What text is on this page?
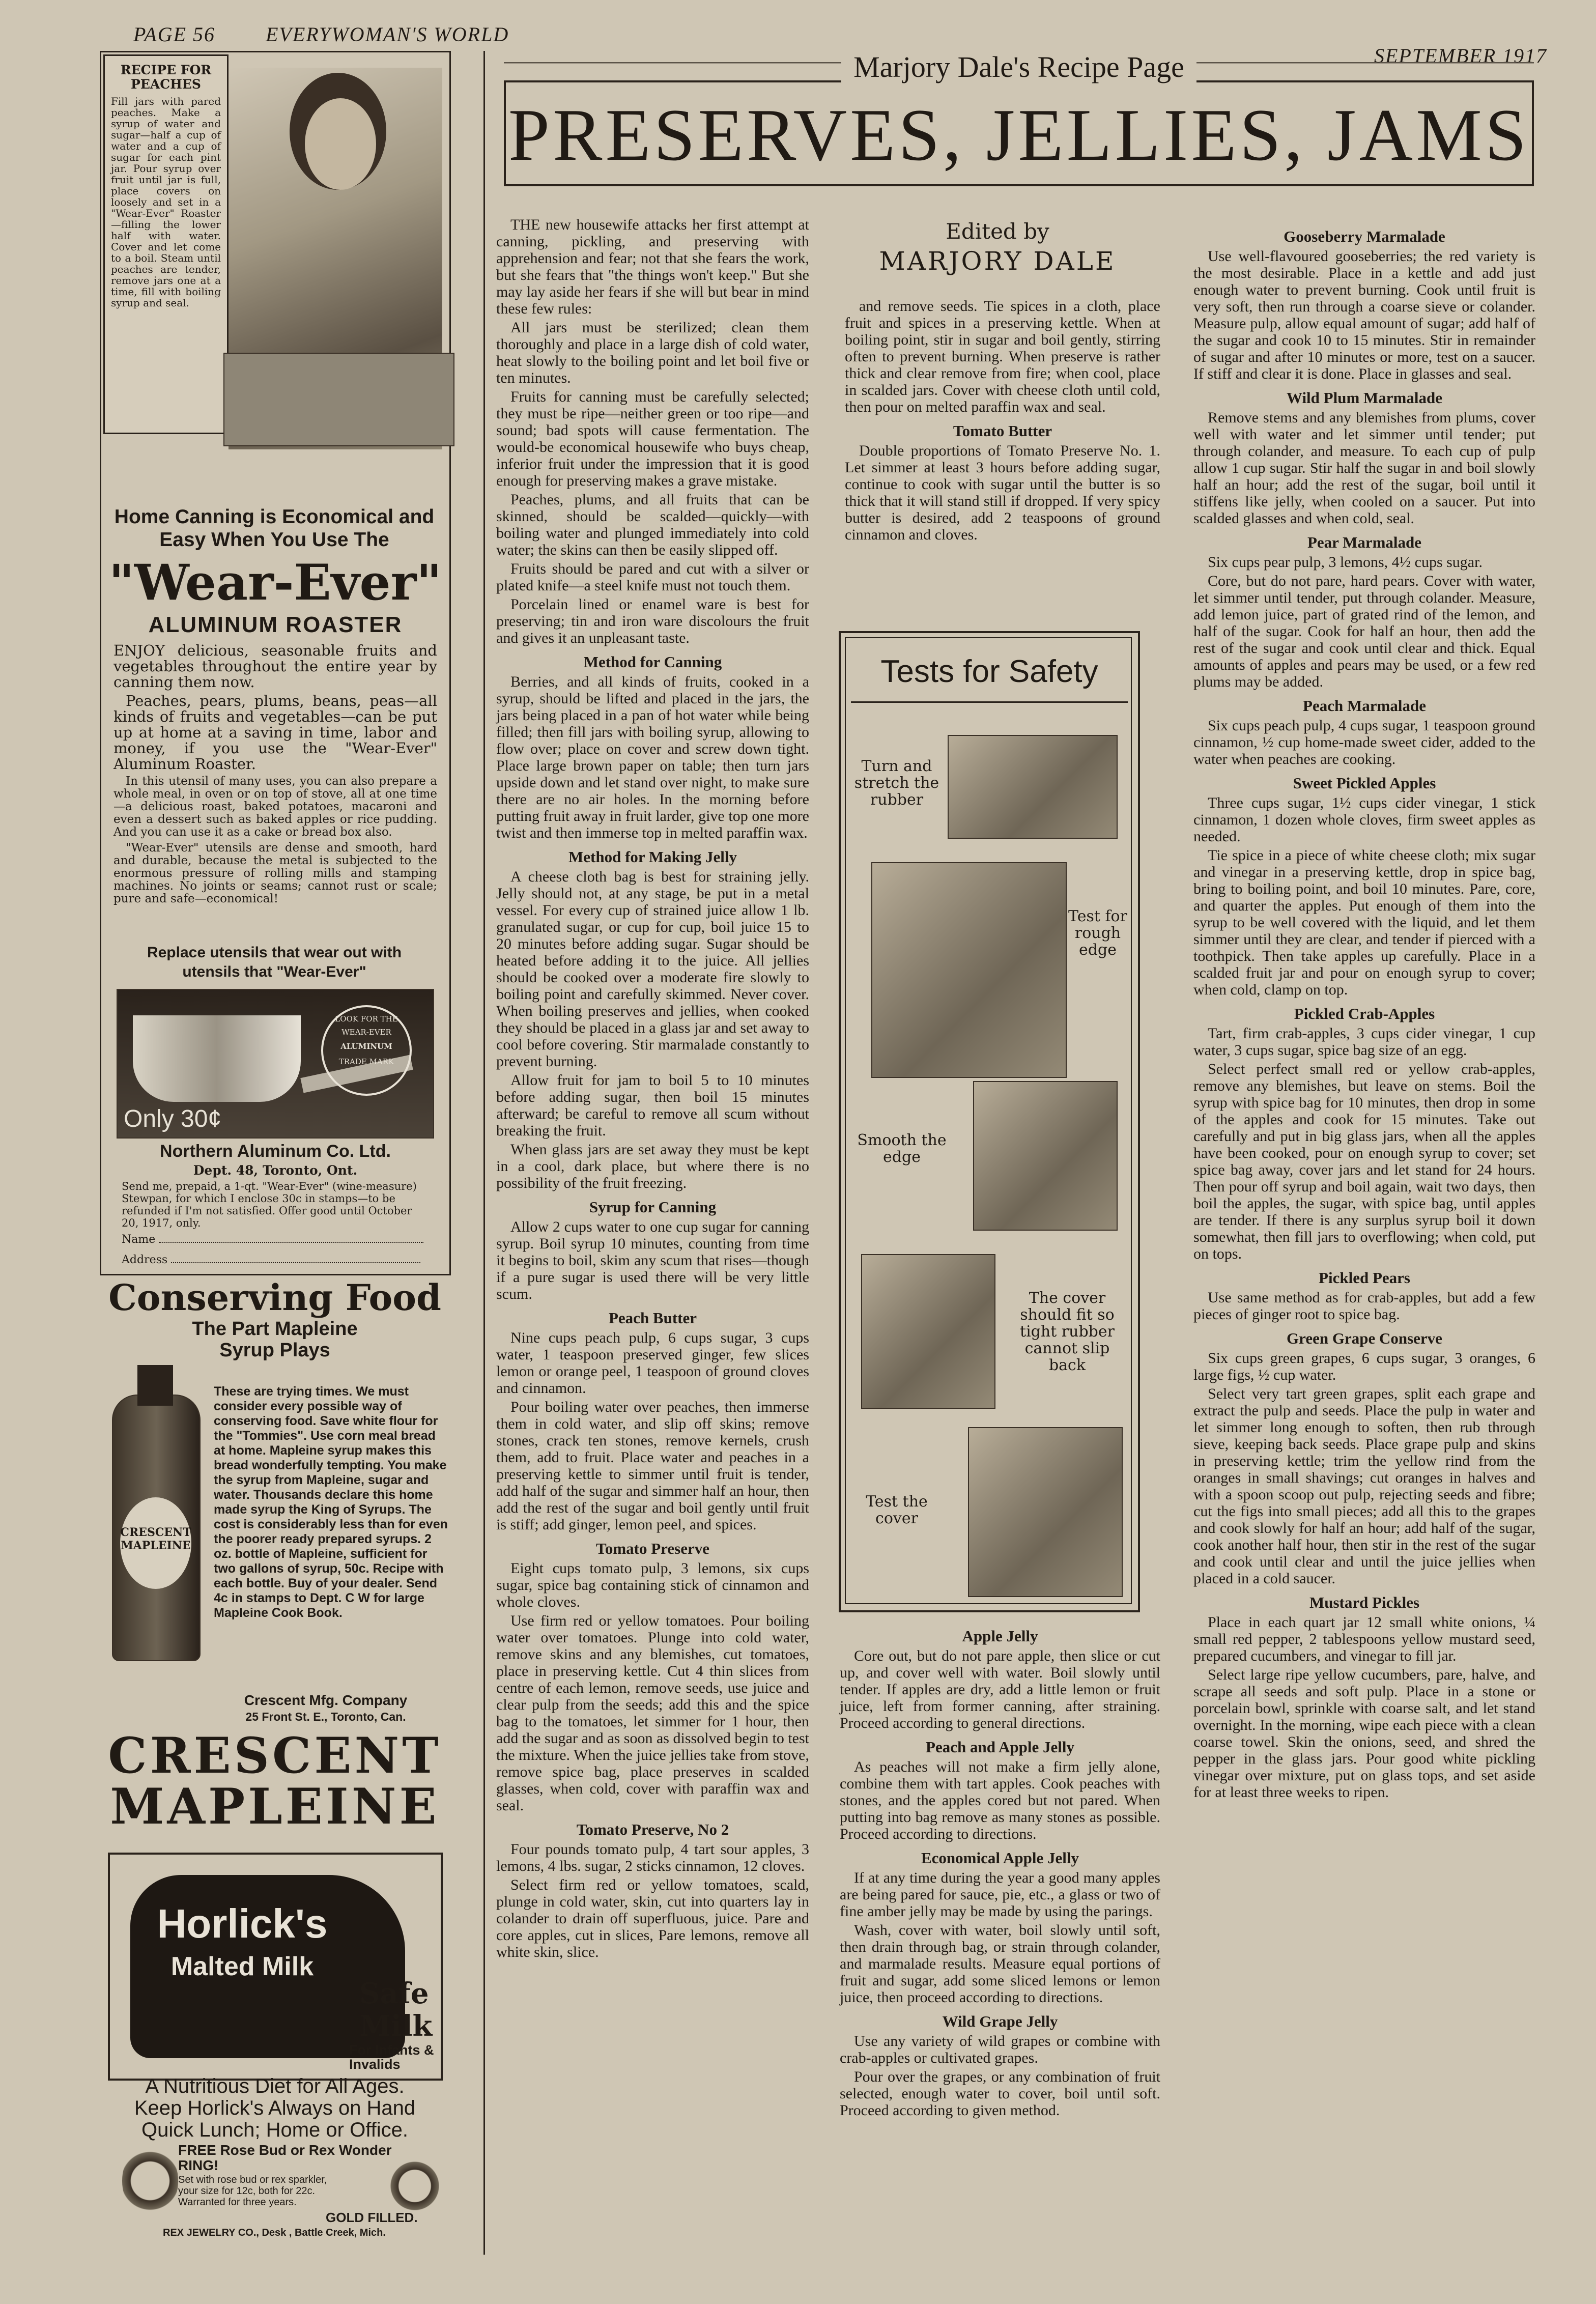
PAGE 56 EVERYWOMAN'S WORLD
SEPTEMBER 1917
Marjory Dale's Recipe Page
PRESERVES, JELLIES, JAMS
RECIPE FOR PEACHES
Fill jars with pared peaches. Make a syrup of water and sugar—half a cup of water and a cup of sugar for each pint jar. Pour syrup over fruit until jar is full, place covers on loosely and set in a "Wear-Ever" Roaster—filling the lower half with water. Cover and let come to a boil. Steam until peaches are tender, remove jars one at a time, fill with boiling syrup and seal.
Home Canning is Economical and Easy When You Use The
"Wear-Ever"
ALUMINUM ROASTER

ENJOY delicious, seasonable fruits and vegetables throughout the entire year by canning them now.

Peaches, pears, plums, beans, peas—all kinds of fruits and vegetables—can be put up at home at a saving in time, labor and money, if you use the "Wear-Ever" Aluminum Roaster.

In this utensil of many uses, you can also prepare a whole meal, in oven or on top of stove, all at one time—a delicious roast, baked potatoes, macaroni and even a dessert such as baked apples or rice pudding. And you can use it as a cake or bread box also.

"Wear-Ever" utensils are dense and smooth, hard and durable, because the metal is subjected to the enormous pressure of rolling mills and stamping machines. No joints or seams; cannot rust or scale; pure and safe—economical!

Replace utensils that wear out with utensils that "Wear-Ever"
LOOK FOR THE
WEAR-EVER
ALUMINUM
TRADE MARK
Only 30¢
Northern Aluminum Co. Ltd.
Dept. 48, Toronto, Ont.
Send me, prepaid, a 1-qt. "Wear-Ever" (wine-measure) Stewpan, for which I enclose 30c in stamps—to be refunded if I'm not satisfied. Offer good until October 20, 1917, only.
Name
Address
Conserving Food
The Part Mapleine Syrup Plays
CRESCENT
MAPLEINE
These are trying times. We must consider every possible way of conserving food. Save white flour for the "Tommies". Use corn meal bread at home. Mapleine syrup makes this bread wonderfully tempting. You make the syrup from Mapleine, sugar and water. Thousands declare this home made syrup the King of Syrups. The cost is considerably less than for even the poorer ready prepared syrups. 2 oz. bottle of Mapleine, sufficient for two gallons of syrup, 50c. Recipe with each bottle. Buy of your dealer. Send 4c in stamps to Dept. C W for large Mapleine Cook Book.
Crescent Mfg. Company
25 Front St. E., Toronto, Can.
CRESCENT
MAPLEINE
Horlick's
Malted Milk
Safe
Milk
For Infants & Invalids
A Nutritious Diet for All Ages.
Keep Horlick's Always on Hand
Quick Lunch; Home or Office.
FREE Rose Bud or Rex Wonder RING!
Set with rose bud or rex sparkler, your size for 12c, both for 22c. Warranted for three years.
GOLD FILLED.
REX JEWELRY CO., Desk , Battle Creek, Mich.

THE new housewife attacks her first attempt at canning, pickling, and preserving with apprehension and fear; not that she fears the work, but she fears that "the things won't keep." But she may lay aside her fears if she will but bear in mind these few rules:

All jars must be sterilized; clean them thoroughly and place in a large dish of cold water, heat slowly to the boiling point and let boil five or ten minutes.

Fruits for canning must be carefully selected; they must be ripe—neither green or too ripe—and sound; bad spots will cause fermentation. The would-be economical housewife who buys cheap, inferior fruit under the impression that it is good enough for preserving makes a grave mistake.

Peaches, plums, and all fruits that can be skinned, should be scalded—quickly—with boiling water and plunged immediately into cold water; the skins can then be easily slipped off.

Fruits should be pared and cut with a silver or plated knife—a steel knife must not touch them.

Porcelain lined or enamel ware is best for preserving; tin and iron ware discolours the fruit and gives it an unpleasant taste.

Method for Canning

Berries, and all kinds of fruits, cooked in a syrup, should be lifted and placed in the jars, the jars being placed in a pan of hot water while being filled; then fill jars with boiling syrup, allowing to flow over; place on cover and screw down tight. Place large brown paper on table; then turn jars upside down and let stand over night, to make sure there are no air holes. In the morning before putting fruit away in fruit larder, give top one more twist and then immerse top in melted paraffin wax.

Method for Making Jelly

A cheese cloth bag is best for straining jelly. Jelly should not, at any stage, be put in a metal vessel. For every cup of strained juice allow 1 lb. granulated sugar, or cup for cup, boil juice 15 to 20 minutes before adding sugar. Sugar should be heated before adding it to the juice. All jellies should be cooked over a moderate fire slowly to boiling point and carefully skimmed. Never cover. When boiling preserves and jellies, when cooked they should be placed in a glass jar and set away to cool before covering. Stir marmalade constantly to prevent burning.

Allow fruit for jam to boil 5 to 10 minutes before adding sugar, then boil 15 minutes afterward; be careful to remove all scum without breaking the fruit.

When glass jars are set away they must be kept in a cool, dark place, but where there is no possibility of the fruit freezing.

Syrup for Canning

Allow 2 cups water to one cup sugar for canning syrup. Boil syrup 10 minutes, counting from time it begins to boil, skim any scum that rises—though if a pure sugar is used there will be very little scum.

Peach Butter

Nine cups peach pulp, 6 cups sugar, 3 cups water, 1 teaspoon preserved ginger, few slices lemon or orange peel, 1 teaspoon of ground cloves and cinnamon.

Pour boiling water over peaches, then immerse them in cold water, and slip off skins; remove stones, crack ten stones, remove kernels, crush them, add to fruit. Place water and peaches in a preserving kettle to simmer until fruit is tender, add half of the sugar and simmer half an hour, then add the rest of the sugar and boil gently until fruit is stiff; add ginger, lemon peel, and spices.

Tomato Preserve

Eight cups tomato pulp, 3 lemons, six cups sugar, spice bag containing stick of cinnamon and whole cloves.

Use firm red or yellow tomatoes. Pour boiling water over tomatoes. Plunge into cold water, remove skins and any blemishes, cut tomatoes, place in preserving kettle. Cut 4 thin slices from centre of each lemon, remove seeds, use juice and clear pulp from the seeds; add this and the spice bag to the tomatoes, let simmer for 1 hour, then add the sugar and as soon as dissolved begin to test the mixture. When the juice jellies take from stove, remove spice bag, place preserves in scalded glasses, when cold, cover with paraffin wax and seal.

Tomato Preserve, No 2

Four pounds tomato pulp, 4 tart sour apples, 3 lemons, 4 lbs. sugar, 2 sticks cinnamon, 12 cloves.

Select firm red or yellow tomatoes, scald, plunge in cold water, skin, cut into quarters lay in colander to drain off superfluous, juice. Pare and core apples, cut in slices, Pare lemons, remove all white skin, slice.

Edited by
MARJORY DALE

and remove seeds. Tie spices in a cloth, place fruit and spices in a preserving kettle. When at boiling point, stir in sugar and boil gently, stirring often to prevent burning. When preserve is rather thick and clear remove from fire; when cool, place in scalded jars. Cover with cheese cloth until cold, then pour on melted paraffin wax and seal.

Tomato Butter

Double proportions of Tomato Preserve No. 1. Let simmer at least 3 hours before adding sugar, continue to cook with sugar until the butter is so thick that it will stand still if dropped. If very spicy butter is desired, add 2 teaspoons of ground cinnamon and cloves.

Tests for Safety
Turn and stretch the rubber
Test for rough edge
Smooth the edge
The cover should fit so tight rubber cannot slip back
Test the cover
Apple Jelly

Core out, but do not pare apple, then slice or cut up, and cover well with water. Boil slowly until tender. If apples are dry, add a little lemon or fruit juice, left from former canning, after straining. Proceed according to general directions.

Peach and Apple Jelly

As peaches will not make a firm jelly alone, combine them with tart apples. Cook peaches with stones, and the apples cored but not pared. When putting into bag remove as many stones as possible. Proceed according to directions.

Economical Apple Jelly

If at any time during the year a good many apples are being pared for sauce, pie, etc., a glass or two of fine amber jelly may be made by using the parings.

Wash, cover with water, boil slowly until soft, then drain through bag, or strain through colander, and marmalade results. Measure equal portions of fruit and sugar, add some sliced lemons or lemon juice, then proceed according to directions.

Wild Grape Jelly

Use any variety of wild grapes or combine with crab-apples or cultivated grapes.

Pour over the grapes, or any combination of fruit selected, enough water to cover, boil until soft. Proceed according to given method.

Gooseberry Marmalade

Use well-flavoured gooseberries; the red variety is the most desirable. Place in a kettle and add just enough water to prevent burning. Cook until fruit is very soft, then run through a coarse sieve or colander. Measure pulp, allow equal amount of sugar; add half of the sugar and cook 10 to 15 minutes. Stir in remainder of sugar and after 10 minutes or more, test on a saucer. If stiff and clear it is done. Place in glasses and seal.

Wild Plum Marmalade

Remove stems and any blemishes from plums, cover well with water and let simmer until tender; put through colander, and measure. To each cup of pulp allow 1 cup sugar. Stir half the sugar in and boil slowly half an hour; add the rest of the sugar, boil until it stiffens like jelly, when cooled on a saucer. Put into scalded glasses and when cold, seal.

Pear Marmalade

Six cups pear pulp, 3 lemons, 4½ cups sugar.

Core, but do not pare, hard pears. Cover with water, let simmer until tender, put through colander. Measure, add lemon juice, part of grated rind of the lemon, and half of the sugar. Cook for half an hour, then add the rest of the sugar and cook until clear and thick. Equal amounts of apples and pears may be used, or a few red plums may be added.

Peach Marmalade

Six cups peach pulp, 4 cups sugar, 1 teaspoon ground cinnamon, ½ cup home-made sweet cider, added to the water when peaches are cooking.

Sweet Pickled Apples

Three cups sugar, 1½ cups cider vinegar, 1 stick cinnamon, 1 dozen whole cloves, firm sweet apples as needed.

Tie spice in a piece of white cheese cloth; mix sugar and vinegar in a preserving kettle, drop in spice bag, bring to boiling point, and boil 10 minutes. Pare, core, and quarter the apples. Put enough of them into the syrup to be well covered with the liquid, and let them simmer until they are clear, and tender if pierced with a toothpick. Then take apples up carefully. Place in a scalded fruit jar and pour on enough syrup to cover; when cold, clamp on top.

Pickled Crab-Apples

Tart, firm crab-apples, 3 cups cider vinegar, 1 cup water, 3 cups sugar, spice bag size of an egg.

Select perfect small red or yellow crab-apples, remove any blemishes, but leave on stems. Boil the syrup with spice bag for 10 minutes, then drop in some of the apples and cook for 15 minutes. Take out carefully and put in big glass jars, when all the apples have been cooked, pour on enough syrup to cover; set spice bag away, cover jars and let stand for 24 hours. Then pour off syrup and boil again, wait two days, then boil the apples, the sugar, with spice bag, until apples are tender. If there is any surplus syrup boil it down somewhat, then fill jars to overflowing; when cold, put on tops.

Pickled Pears

Use same method as for crab-apples, but add a few pieces of ginger root to spice bag.

Green Grape Conserve

Six cups green grapes, 6 cups sugar, 3 oranges, 6 large figs, ½ cup water.

Select very tart green grapes, split each grape and extract the pulp and seeds. Place the pulp in water and let simmer long enough to soften, then rub through sieve, keeping back seeds. Place grape pulp and skins in preserving kettle; trim the yellow rind from the oranges in small shavings; cut oranges in halves and with a spoon scoop out pulp, rejecting seeds and fibre; cut the figs into small pieces; add all this to the grapes and cook slowly for half an hour; add half of the sugar, cook another half hour, then stir in the rest of the sugar and cook until clear and until the juice jellies when placed in a cold saucer.

Mustard Pickles

Place in each quart jar 12 small white onions, ¼ small red pepper, 2 tablespoons yellow mustard seed, prepared cucumbers, and vinegar to fill jar.

Select large ripe yellow cucumbers, pare, halve, and scrape all seeds and soft pulp. Place in a stone or porcelain bowl, sprinkle with coarse salt, and let stand overnight. In the morning, wipe each piece with a clean coarse towel. Skin the onions, seed, and shred the pepper in the glass jars. Pour good white pickling vinegar over mixture, put on glass tops, and set aside for at least three weeks to ripen.
